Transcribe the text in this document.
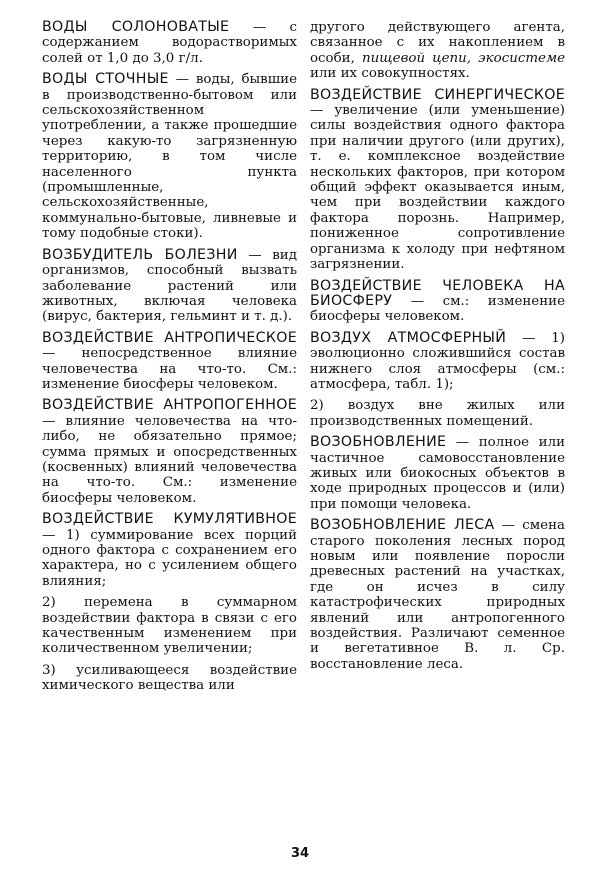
ВОДЫ СОЛОНОВАТЫЕ — с содержанием водорастворимых солей от 1,0 до 3,0 г/л.

ВОДЫ СТОЧНЫЕ — воды, бывшие в производственно-бытовом или сельскохозяйственном употреблении, а также прошедшие через какую-то загрязненную территорию, в том числе населенного пункта (промышленные, сельскохозяйственные, коммунально-бытовые, ливневые и тому подобные стоки).

ВОЗБУДИТЕЛЬ БОЛЕЗНИ — вид организмов, способный вызвать заболевание растений или животных, включая человека (вирус, бактерия, гельминт и т. д.).

ВОЗДЕЙСТВИЕ АНТРОПИЧЕСКОЕ — непосредственное влияние человечества на что-то. См.: изменение биосферы человеком.

ВОЗДЕЙСТВИЕ АНТРОПОГЕННОЕ — влияние человечества на что-либо, не обязательно прямое; сумма прямых и опосредственных (косвенных) влияний человечества на что-то. См.: изменение биосферы человеком.

ВОЗДЕЙСТВИЕ КУМУЛЯТИВНОЕ — 1) суммирование всех порций одного фактора с сохранением его характера, но с усилением общего влияния;

2) перемена в суммарном воздействии фактора в связи с его качественным изменением при количественном увеличении;

3) усиливающееся воздействие химического вещества или

другого действующего агента, связанное с их накоплением в особи, пищевой цепи, экосистеме или их совокупностях.

ВОЗДЕЙСТВИЕ СИНЕРГИЧЕСКОЕ — увеличение (или уменьшение) силы воздействия одного фактора при наличии другого (или других), т. е. комплексное воздействие нескольких факторов, при котором общий эффект оказывается иным, чем при воздействии каждого фактора порознь. Например, пониженное сопротивление организма к холоду при нефтяном загрязнении.

ВОЗДЕЙСТВИЕ ЧЕЛОВЕКА НА БИОСФЕРУ — см.: изменение биосферы человеком.

ВОЗДУХ АТМОСФЕРНЫЙ — 1) эволюционно сложившийся состав нижнего слоя атмосферы (см.: атмосфера, табл. 1);

2) воздух вне жилых или производственных помещений.

ВОЗОБНОВЛЕНИЕ — полное или частичное самовосстановление живых или биокосных объектов в ходе природных процессов и (или) при помощи человека.

ВОЗОБНОВЛЕНИЕ ЛЕСА — смена старого поколения лесных пород новым или появление поросли древесных растений на участках, где он исчез в силу катастрофических природных явлений или антропогенного воздействия. Различают семенное и вегетативное В. л. Ср. восстановление леса.

34
